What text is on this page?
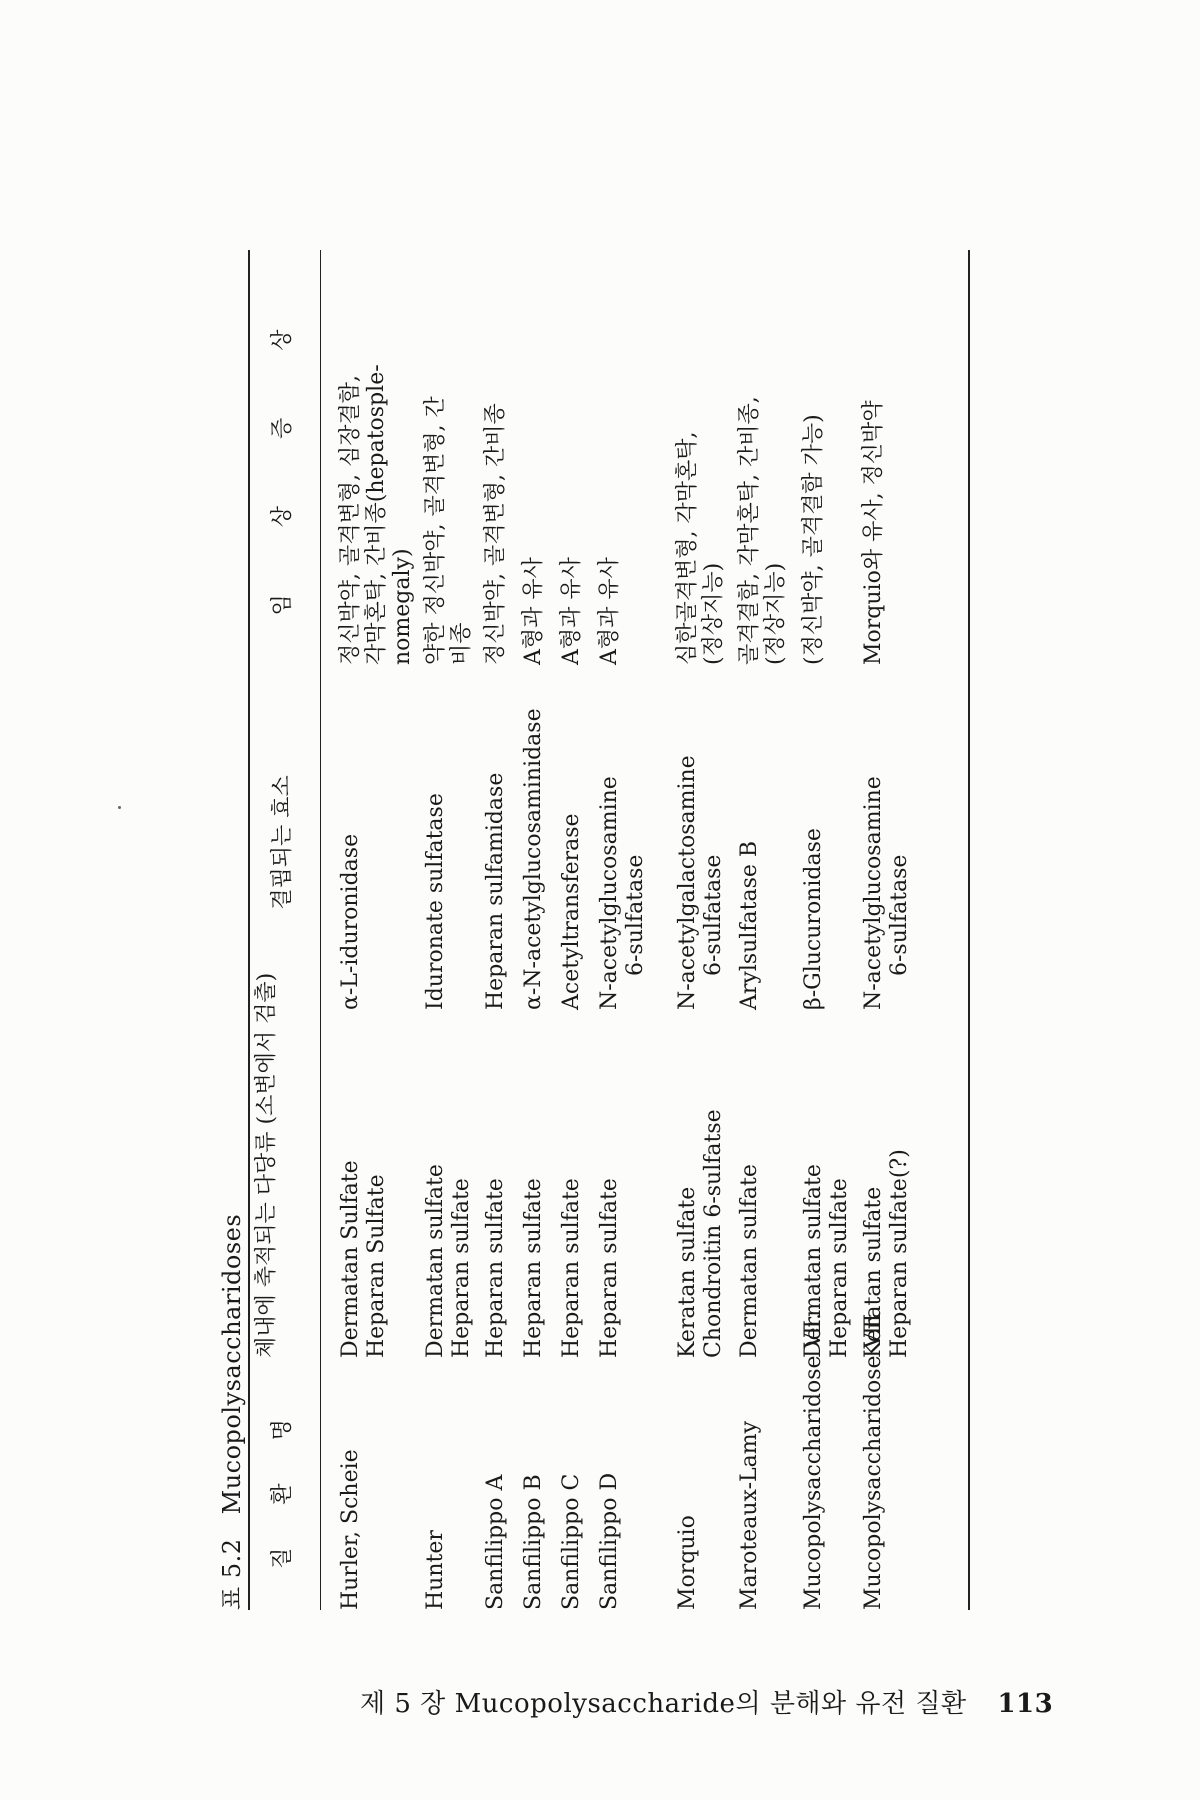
표 5.2 Mucopolysaccharidoses 질 환 명
체내에 축적되는 다당류 (소변에서 검출)
결핍되는 효소
임 상 증 상
Hurler, Scheie
Dermatan Sulfate Heparan Sulfate
α-L-iduronidase
정신박약, 골격변형, 심장결함, 각막혼탁, 간비종(hepatosple- nomegaly)
Hunter
Dermatan sulfate Heparan sulfate
Iduronate sulfatase
약한 정신박약, 골격변형, 간 비종
Sanfilippo A
Heparan sulfate
Heparan sulfamidase
정신박약, 골격변형, 간비종
Sanfilippo B
Heparan sulfate
α-N-acetylglucosaminidase
A형과 유사
Sanfilippo C
Heparan sulfate
Acetyltransferase
A형과 유사
Sanfilippo D
Heparan sulfate
N-acetylglucosamine 6-sulfatase
A형과 유사
Morquio
Keratan sulfate Chondroitin 6-sulfatse
N-acetylgalactosamine 6-sulfatase
심한골격변형, 각막혼탁, (정상지능)
Maroteaux-Lamy
Dermatan sulfate
Arylsulfatase B
골격결함, 각막혼탁, 간비종, (정상지능)
Mucopolysaccharidose Ⅶ.
Dermatan sulfate Heparan sulfate
β-Glucuronidase
(정신박약, 골격결함 가능)
Mucopolysaccharidose Ⅷ
Keratan sulfate Heparan sulfate(?)
N-acetylglucosamine 6-sulfatase
Morquio와 유사, 정신박약
제 5 장 Mucopolysaccharide의 분해와 유전 질환 113
